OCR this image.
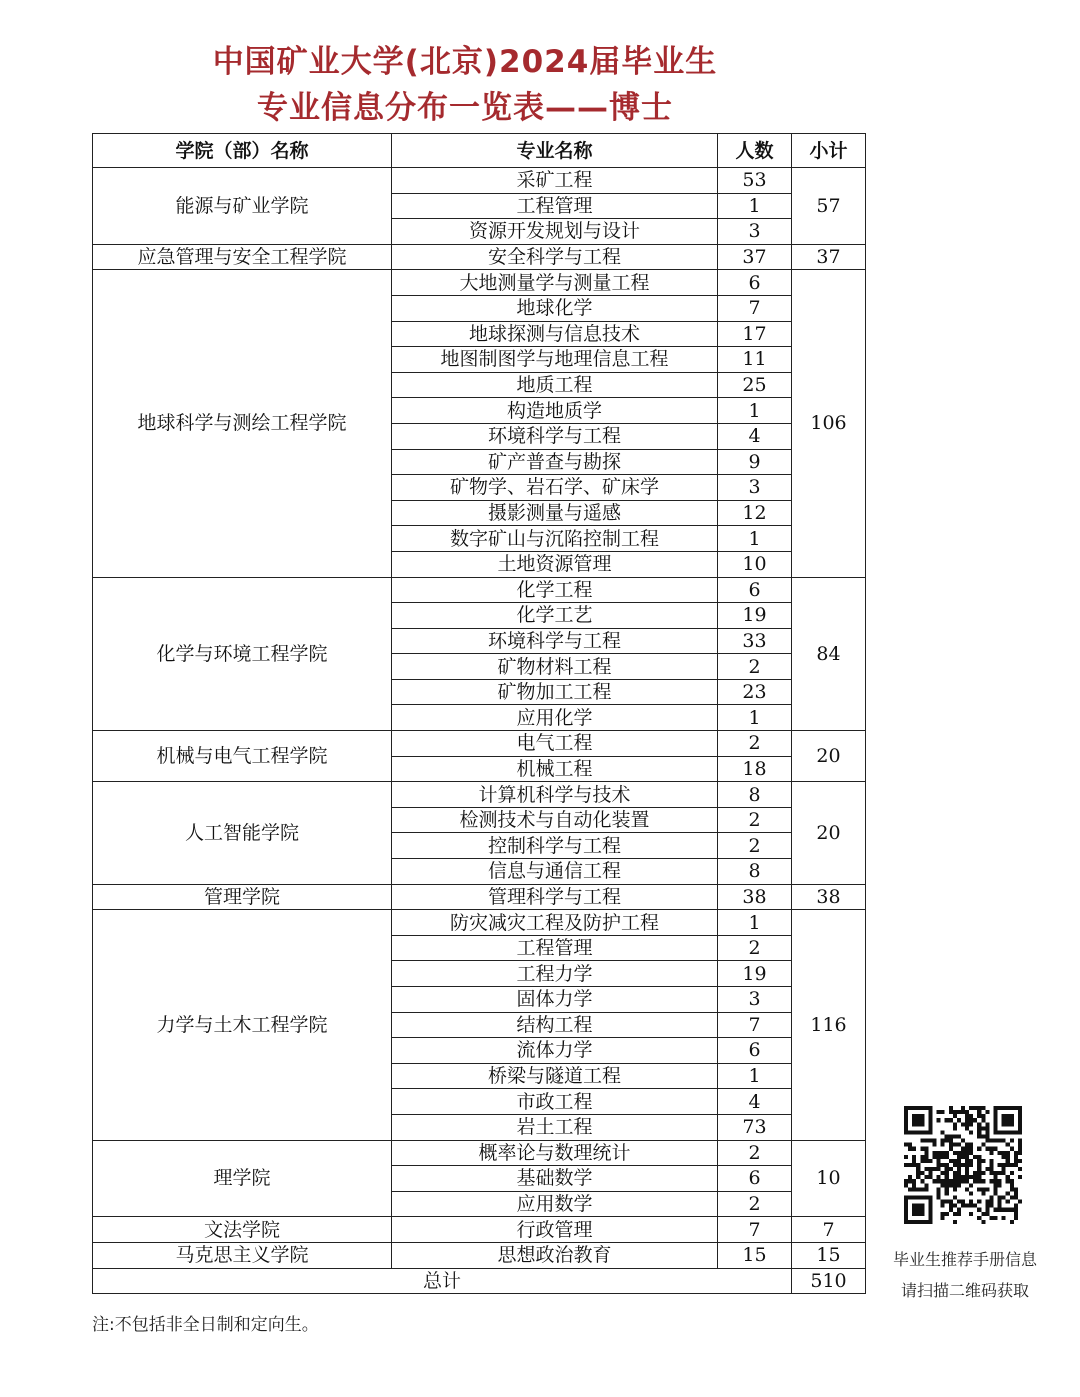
中国矿业大学(北京)2024届毕业生
专业信息分布一览表——博士
学院（部）名称	专业名称	人数	小计
能源与矿业学院	采矿工程	53	57
	工程管理	1	
	资源开发规划与设计	3	
应急管理与安全工程学院	安全科学与工程	37	37
地球科学与测绘工程学院	大地测量学与测量工程	6	106
	地球化学	7	
	地球探测与信息技术	17	
	地图制图学与地理信息工程	11	
	地质工程	25	
	构造地质学	1	
	环境科学与工程	4	
	矿产普查与勘探	9	
	矿物学、岩石学、矿床学	3	
	摄影测量与遥感	12	
	数字矿山与沉陷控制工程	1	
	土地资源管理	10	
化学与环境工程学院	化学工程	6	84
	化学工艺	19	
	环境科学与工程	33	
	矿物材料工程	2	
	矿物加工工程	23	
	应用化学	1	
机械与电气工程学院	电气工程	2	20
	机械工程	18	
人工智能学院	计算机科学与技术	8	20
	检测技术与自动化装置	2	
	控制科学与工程	2	
	信息与通信工程	8	
管理学院	管理科学与工程	38	38
力学与土木工程学院	防灾减灾工程及防护工程	1	116
	工程管理	2	
	工程力学	19	
	固体力学	3	
	结构工程	7	
	流体力学	6	
	桥梁与隧道工程	1	
	市政工程	4	
	岩土工程	73	
理学院	概率论与数理统计	2	10
	基础数学	6	
	应用数学	2	
文法学院	行政管理	7	7
马克思主义学院	思想政治教育	15	15
总计			510
毕业生推荐手册信息
请扫描二维码获取
注:不包括非全日制和定向生。
